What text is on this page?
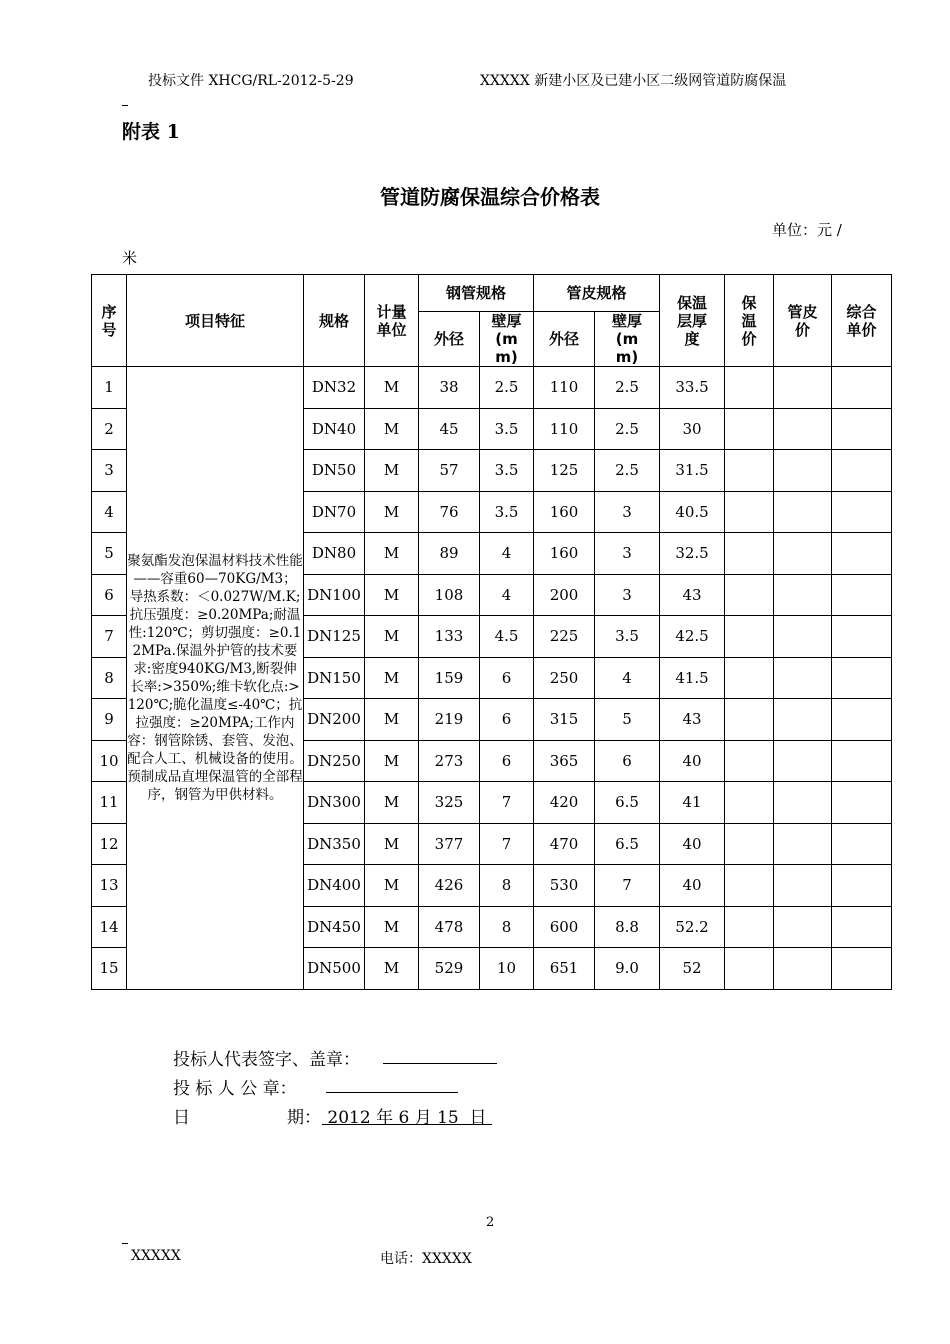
投标文件 XHCG/RL-2012-5-29	XXXXX 新建小区及已建小区二级网管道防腐保温
附表 1
管道防腐保温综合价格表
单位：元 /
米
序号	项目特征	规格	计量单位	钢管规格		管皮规格		保温层厚度	保温价	管皮价	综合单价
				外径	壁厚(mm)	外径	壁厚(mm)				
1	聚氨酯发泡保温材料技术性能——容重60—70KG/M3；导热系数：＜0.027W/M.K;抗压强度：≥0.20MPa;耐温性:120℃；剪切强度：≥0.12MPa.保温外护管的技术要求:密度940KG/M3,断裂伸长率:>350%;维卡软化点:>120℃;脆化温度≤-40℃；抗拉强度：≥20MPA;工作内容：钢管除锈、套管、发泡、配合人工、机械设备的使用。预制成品直埋保温管的全部程序，钢管为甲供材料。	DN32	M	38	2.5	110	2.5	33.5			
2		DN40	M	45	3.5	110	2.5	30			
3		DN50	M	57	3.5	125	2.5	31.5			
4		DN70	M	76	3.5	160	3	40.5			
5		DN80	M	89	4	160	3	32.5			
6		DN100	M	108	4	200	3	43			
7		DN125	M	133	4.5	225	3.5	42.5			
8		DN150	M	159	6	250	4	41.5			
9		DN200	M	219	6	315	5	43			
10		DN250	M	273	6	365	6	40			
11		DN300	M	325	7	420	6.5	41			
12		DN350	M	377	7	470	6.5	40			
13		DN400	M	426	8	530	7	40			
14		DN450	M	478	8	600	8.8	52.2			
15		DN500	M	529	10	651	9.0	52			
投标人代表签字、盖章：
投 标 人 公 章：
日	期： 2012 年 6 月 15  日
2
XXXXX	电话：XXXXX
